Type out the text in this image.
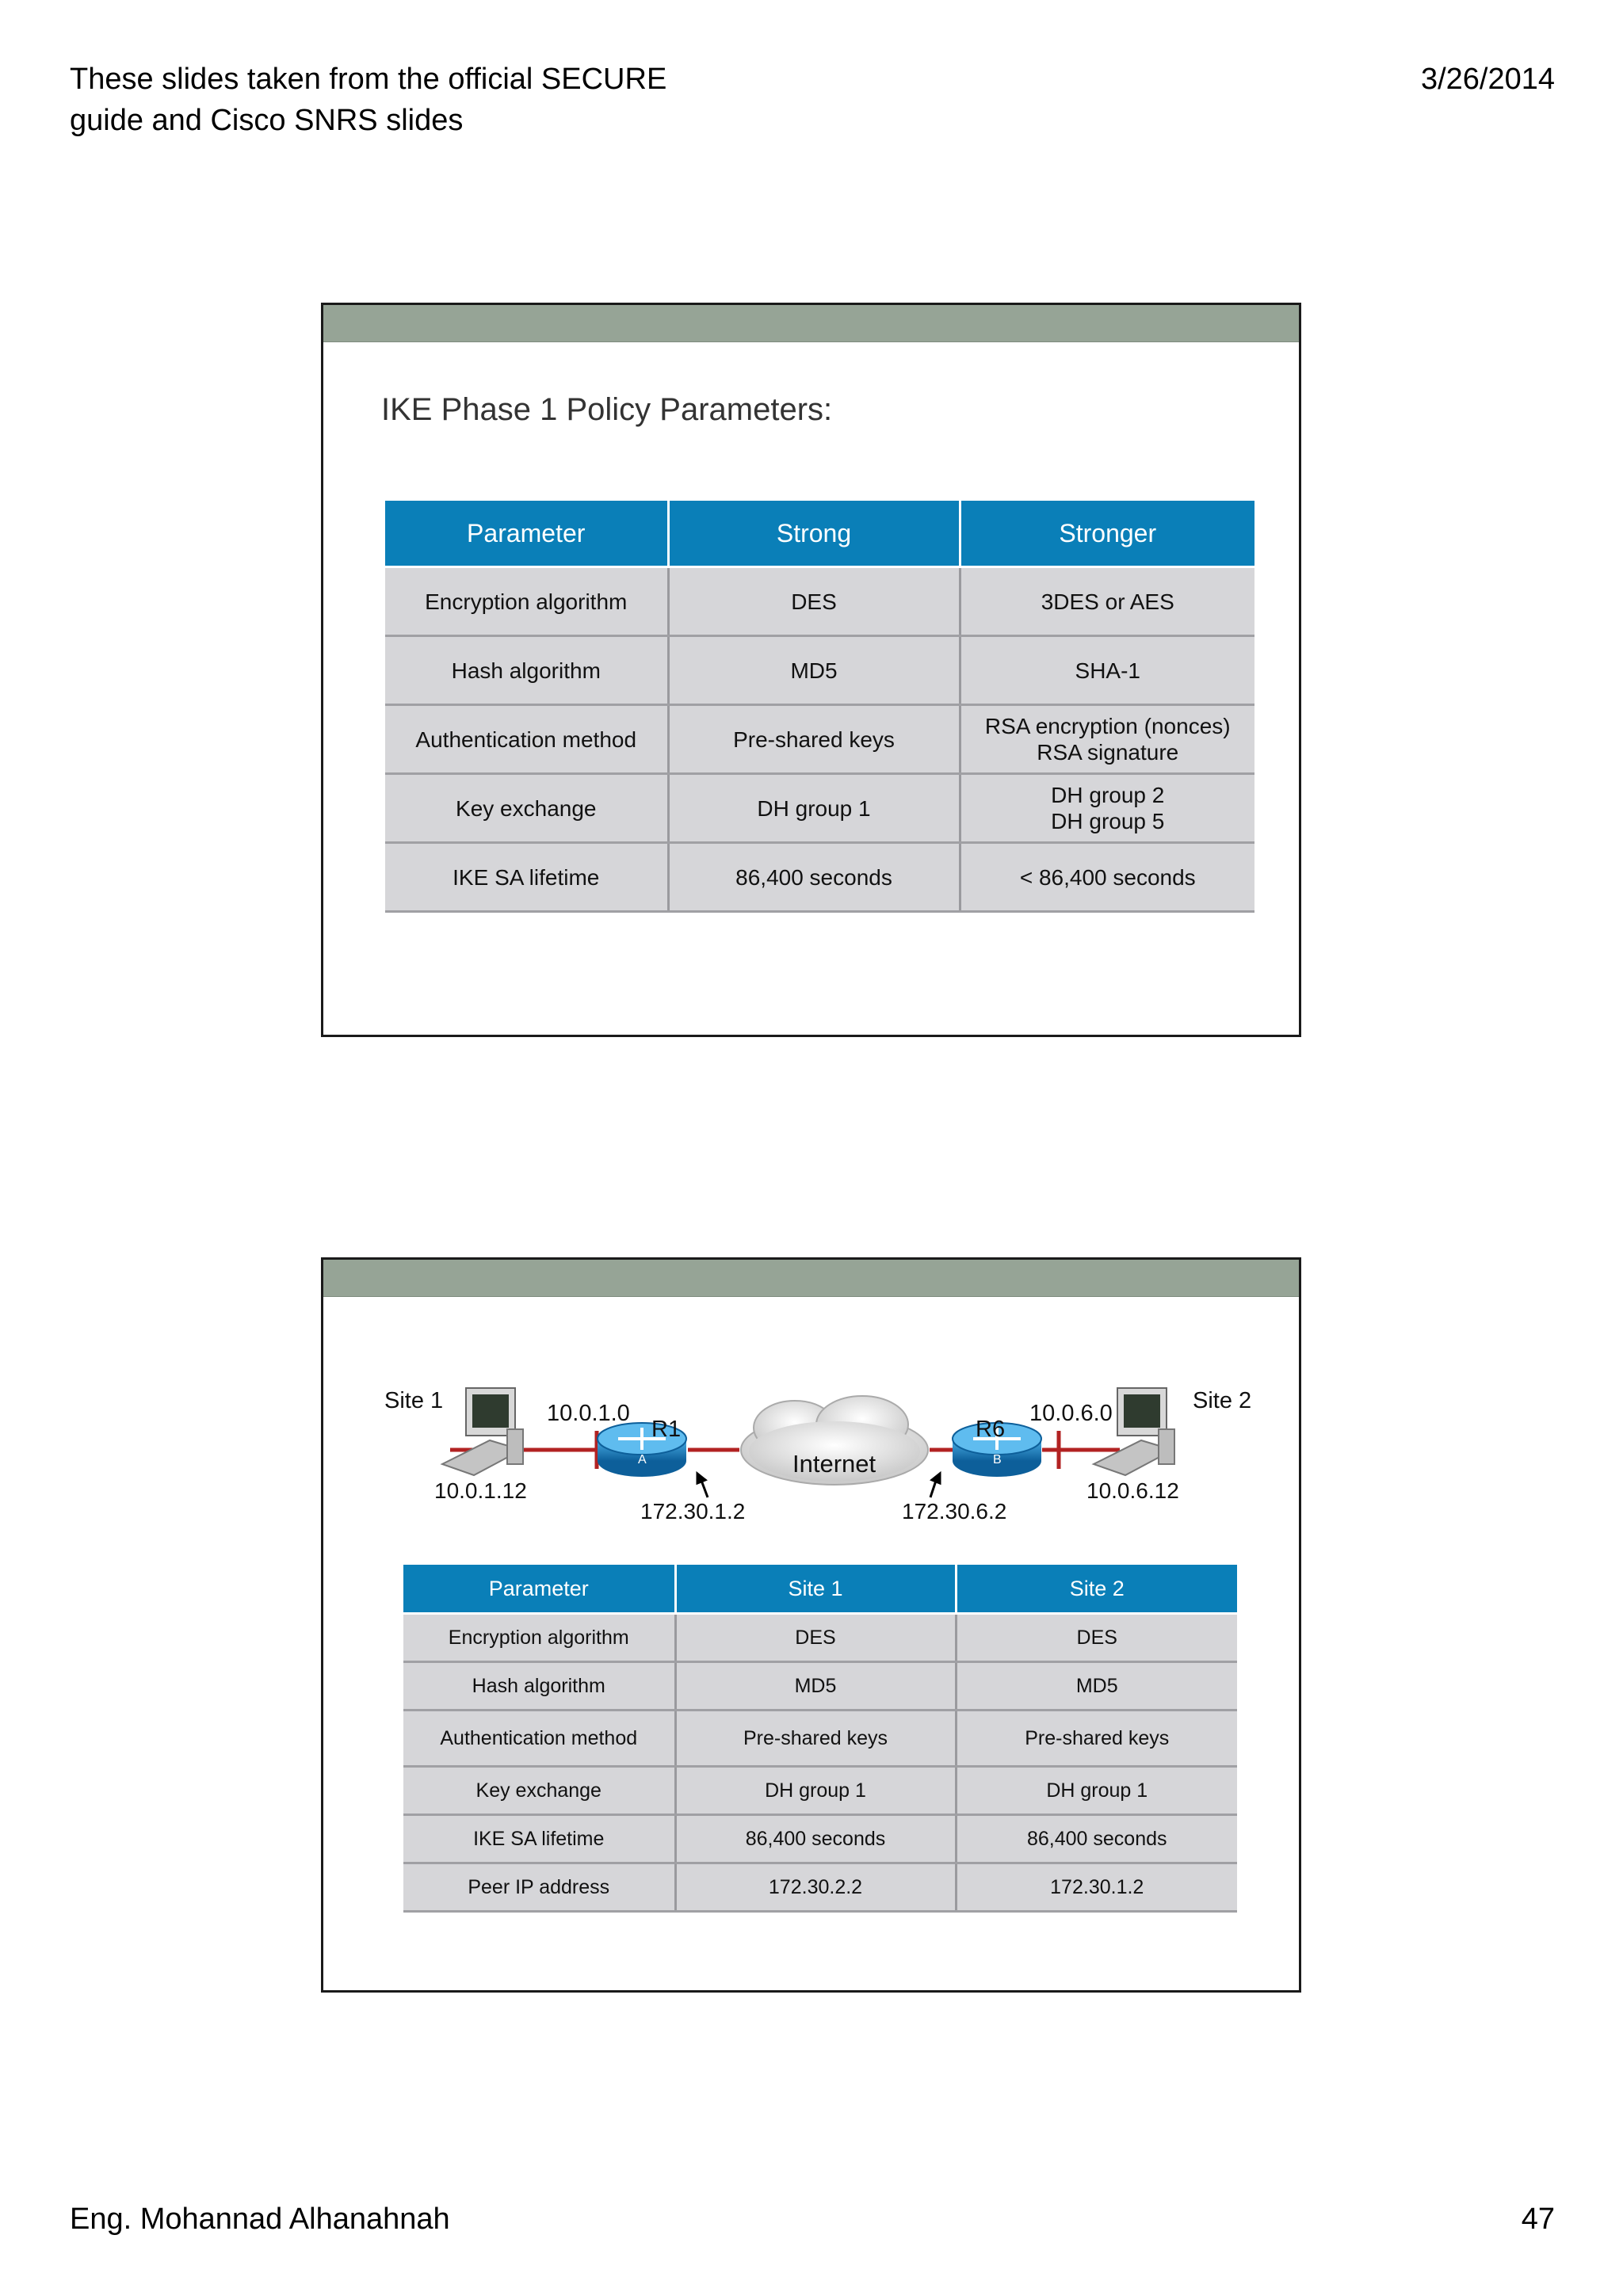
These slides taken from the official SECURE
guide and Cisco SNRS slides
3/26/2014
IKE Phase 1 Policy Parameters:
Parameter	Strong	Stronger
Encryption algorithm	DES	3DES or AES

Hash algorithm	MD5	SHA-1

Authentication method	Pre-shared keys	RSA encryption (nonces)
RSA signature

Key exchange	DH group 1	DH group 2
DH group 5

IKE SA lifetime	86,400 seconds	< 86,400 seconds
Site 1	Site 2
10.0.1.0	10.0.6.0
R1	R6
A	B
Internet
10.0.1.12	10.0.6.12
172.30.1.2	172.30.6.2
Parameter	Site 1	Site 2
Encryption algorithm	DES	DES
Hash algorithm	MD5	MD5
Authentication method	Pre-shared keys	Pre-shared keys
Key exchange	DH group 1	DH group 1
IKE SA lifetime	86,400 seconds	86,400 seconds
Peer IP address	172.30.2.2	172.30.1.2
Eng. Mohannad Alhanahnah	47
